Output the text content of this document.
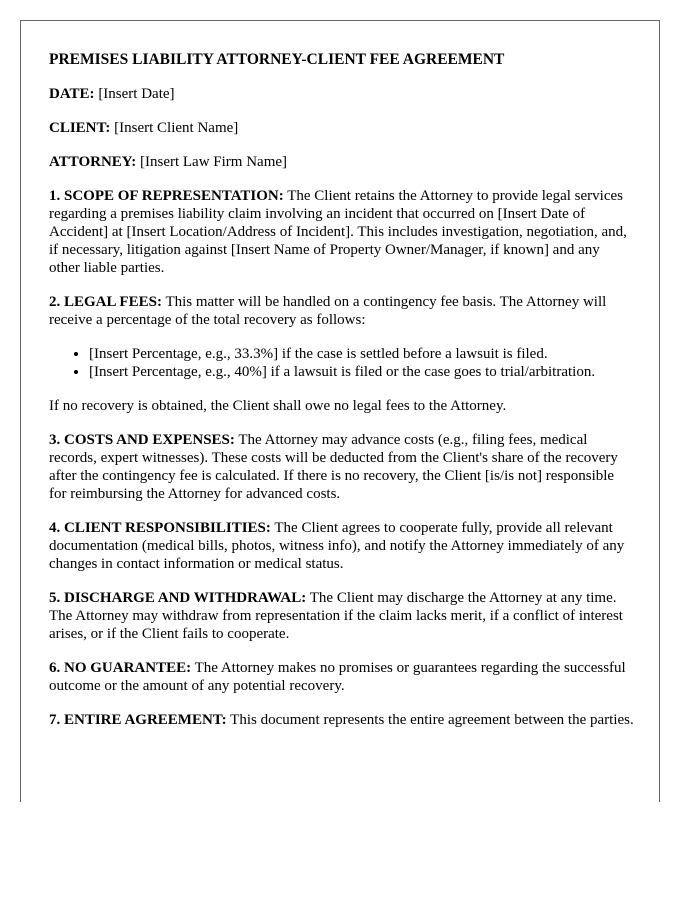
PREMISES LIABILITY ATTORNEY-CLIENT FEE AGREEMENT

DATE: [Insert Date]

CLIENT: [Insert Client Name]

ATTORNEY: [Insert Law Firm Name]

1. SCOPE OF REPRESENTATION: The Client retains the Attorney to provide legal services regarding a premises liability claim involving an incident that occurred on [Insert Date of Accident] at [Insert Location/Address of Incident]. This includes investigation, negotiation, and, if necessary, litigation against [Insert Name of Property Owner/Manager, if known] and any other liable parties.

2. LEGAL FEES: This matter will be handled on a contingency fee basis. The Attorney will receive a percentage of the total recovery as follows:

• [Insert Percentage, e.g., 33.3%] if the case is settled before a lawsuit is filed.
• [Insert Percentage, e.g., 40%] if a lawsuit is filed or the case goes to trial/arbitration.

If no recovery is obtained, the Client shall owe no legal fees to the Attorney.

3. COSTS AND EXPENSES: The Attorney may advance costs (e.g., filing fees, medical records, expert witnesses). These costs will be deducted from the Client's share of the recovery after the contingency fee is calculated. If there is no recovery, the Client [is/is not] responsible for reimbursing the Attorney for advanced costs.

4. CLIENT RESPONSIBILITIES: The Client agrees to cooperate fully, provide all relevant documentation (medical bills, photos, witness info), and notify the Attorney immediately of any changes in contact information or medical status.

5. DISCHARGE AND WITHDRAWAL: The Client may discharge the Attorney at any time. The Attorney may withdraw from representation if the claim lacks merit, if a conflict of interest arises, or if the Client fails to cooperate.

6. NO GUARANTEE: The Attorney makes no promises or guarantees regarding the successful outcome or the amount of any potential recovery.

7. ENTIRE AGREEMENT: This document represents the entire agreement between the parties.
